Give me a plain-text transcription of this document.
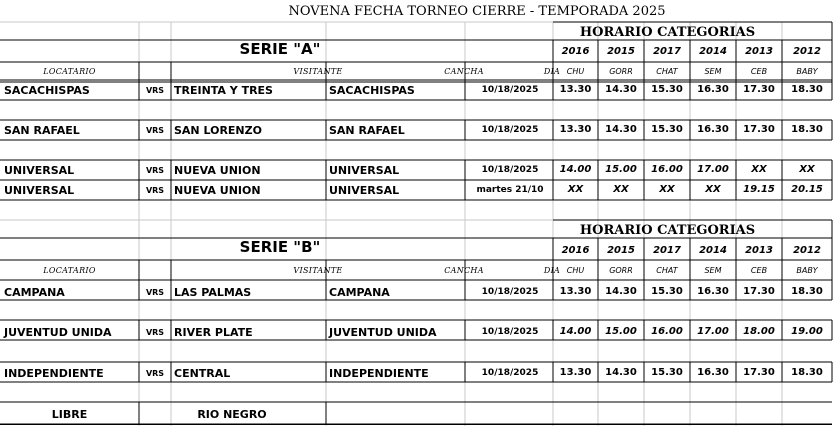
NOVENA FECHA TORNEO CIERRE - TEMPORADA 2025
HORARIO CATEGORIAS
SERIE "A"	2016 2015 2017 2014 2013 2012
LOCATARIO	VISITANTE	CANCHA	DIA CHU	GORR	CHAT	SEM	CEB	BABY
SACACHISPAS	VRS TREINTA Y TRES	SACACHISPAS	10/18/2025 13.30 14.30 15.30 16.30 17.30 18.30
SAN RAFAEL	VRS SAN LORENZO	SAN RAFAEL	10/18/2025 13.30 14.30 15.30 16.30 17.30 18.30
UNIVERSAL	VRS NUEVA UNION	UNIVERSAL	10/18/2025 14.00 15.00 16.00 17.00 XX	XX
UNIVERSAL	VRS NUEVA UNION	UNIVERSAL	martes 21/10 XX	XX	XX	XX 19.15 20.15
HORARIO CATEGORIAS
SERIE "B"	2016 2015 2017 2014 2013 2012
LOCATARIO	VISITANTE	CANCHA	DIA CHU	GORR	CHAT	SEM	CEB	BABY
CAMPANA	VRS LAS PALMAS	CAMPANA	10/18/2025 13.30 14.30 15.30 16.30 17.30 18.30
JUVENTUD UNIDA	VRS RIVER PLATE	JUVENTUD UNIDA	10/18/2025 14.00 15.00 16.00 17.00 18.00 19.00
INDEPENDIENTE	VRS CENTRAL	INDEPENDIENTE	10/18/2025 13.30 14.30 15.30 16.30 17.30 18.30
LIBRE	RIO NEGRO
